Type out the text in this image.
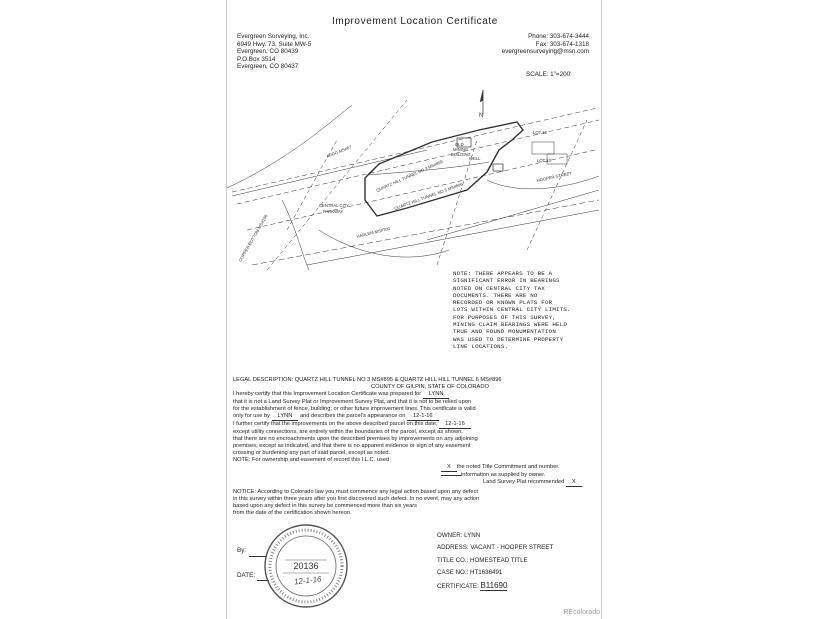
Improvement Location Certificate
Evergreen Surveying, Inc.
6949 Hwy. 73, Suite MW-5
Evergreen, CO 80439
P.O.Box 3514
Evergreen, CO 80437
Phone: 303-674-3444
Fax: 303-674-1318
evergreensurveying@msn.com
SCALE: 1"=200'
ARGO MS#67
CENTRAL CITY
PARKWAY
QUARTZ HILL TUNNEL NO 3 MS#895
QUARTZ HILL TUNNEL NO 6 MS#896
HARLEM MS#700
COPPER BOTTOM MS#106
LOT 12
LOT 13
HOOPER STREET
WELL
OLD
MINING
BUILDING
N
NOTE: THERE APPEARS TO BE A
SIGNIFICANT ERROR IN BEARINGS
NOTED ON CENTRAL CITY TAX
DOCUMENTS. THERE ARE NO
RECORDED OR KNOWN PLATS FOR
LOTS WITHIN CENTRAL CITY LIMITS.
FOR PURPOSES OF THIS SURVEY,
MINING CLAIM BEARINGS WERE HELD
TRUE AND FOUND MONUMENTATION
WAS USED TO DETERMINE PROPERTY
LINE LOCATIONS.
LEGAL DESCRIPTION: QUARTZ HILL TUNNEL NO 3 MS#895 & QUARTZ HILL HILL TUNNEL 6 MS#896
COUNTY OF GILPIN, STATE OF COLORADO
I hereby certify that this Improvement Location Certificate was prepared for LYNN
that it is not a Land Survey Plat or Improvement Survey Plat, and that it is not to be relied upon
for the establishment of fence, building, or other future improvement lines. This certificate is valid
only for use by LYNN and describes the parcel's appearance on 12-1-16
I further certify that the improvements on the above described parcel on this date, 12-1-16
except utility connections, are entirely within the boundaries of the parcel, except as shown,
that there are no encroachments upon the described premises by improvements on any adjoining
premises, except as indicated, and that there is no apparent evidence or sign of any easement
crossing or burdening any part of said parcel, except as noted.
NOTE: For ownership and easement of record this I.L.C. used
X the noted Title Commitment and number.
information as supplied by owner.
Land Survey Plat recommended X
NOTICE: According to Colorado law you must commence any legal action based upon any defect
in this survey within three years after you first discovered such defect. In no event, may any action
based upon any defect in this survey be commenced more than six years
from the date of the certification shown hereon.
By:
DATE:
20136
12-1-16
OWNER: LYNN
ADDRESS: VACANT - HOOPER STREET
TITLE CO.: HOMESTEAD TITLE
CASE NO.: HT1636491
CERTIFICATE: B11690
REcolorado
